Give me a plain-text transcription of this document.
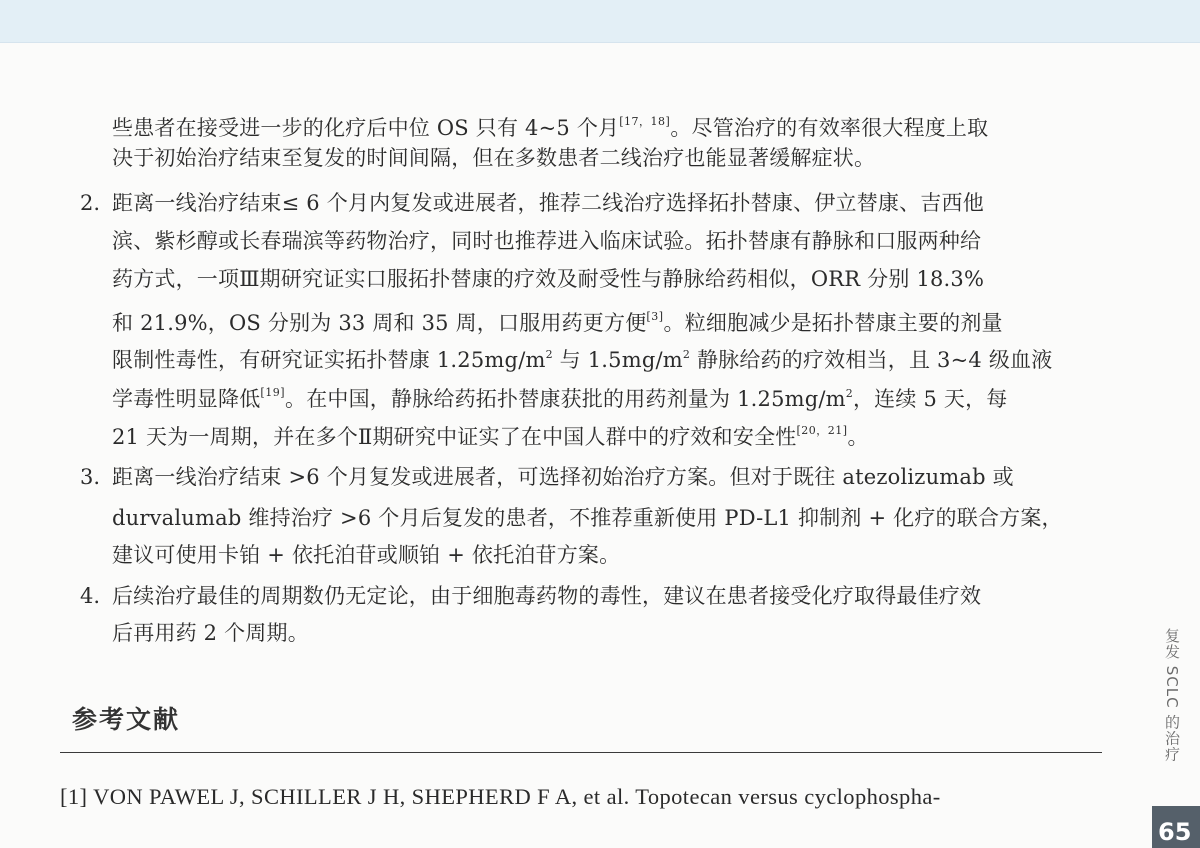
些患者在接受进一步的化疗后中位 OS 只有 4~5 个月[17，18]。尽管治疗的有效率很大程度上取
决于初始治疗结束至复发的时间间隔，但在多数患者二线治疗也能显著缓解症状。
2. 距离一线治疗结束≤ 6 个月内复发或进展者，推荐二线治疗选择拓扑替康、伊立替康、吉西他
滨、紫杉醇或长春瑞滨等药物治疗，同时也推荐进入临床试验。拓扑替康有静脉和口服两种给
药方式，一项Ⅲ期研究证实口服拓扑替康的疗效及耐受性与静脉给药相似，ORR 分别 18.3%
和 21.9%，OS 分别为 33 周和 35 周，口服用药更方便[3]。粒细胞减少是拓扑替康主要的剂量
限制性毒性，有研究证实拓扑替康 $1.25mg/m^2$ 与 $1.5mg/m^2$ 静脉给药的疗效相当，且 3~4 级血液
学毒性明显降低[19]。在中国，静脉给药拓扑替康获批的用药剂量为 $1.25mg/m^2$，连续 5 天，每
21 天为一周期，并在多个Ⅱ期研究中证实了在中国人群中的疗效和安全性[20，21]。
3. 距离一线治疗结束 >6 个月复发或进展者，可选择初始治疗方案。但对于既往 atezolizumab 或
durvalumab 维持治疗 >6 个月后复发的患者，不推荐重新使用 PD-L1 抑制剂 + 化疗的联合方案，
建议可使用卡铂 + 依托泊苷或顺铂 + 依托泊苷方案。
4. 后续治疗最佳的周期数仍无定论，由于细胞毒药物的毒性，建议在患者接受化疗取得最佳疗效
后再用药 2 个周期。
参考文献
[1] VON PAWEL J, SCHILLER J H, SHEPHERD F A, et al. Topotecan versus cyclophospha-
复发 SCLC 的治疗
65
